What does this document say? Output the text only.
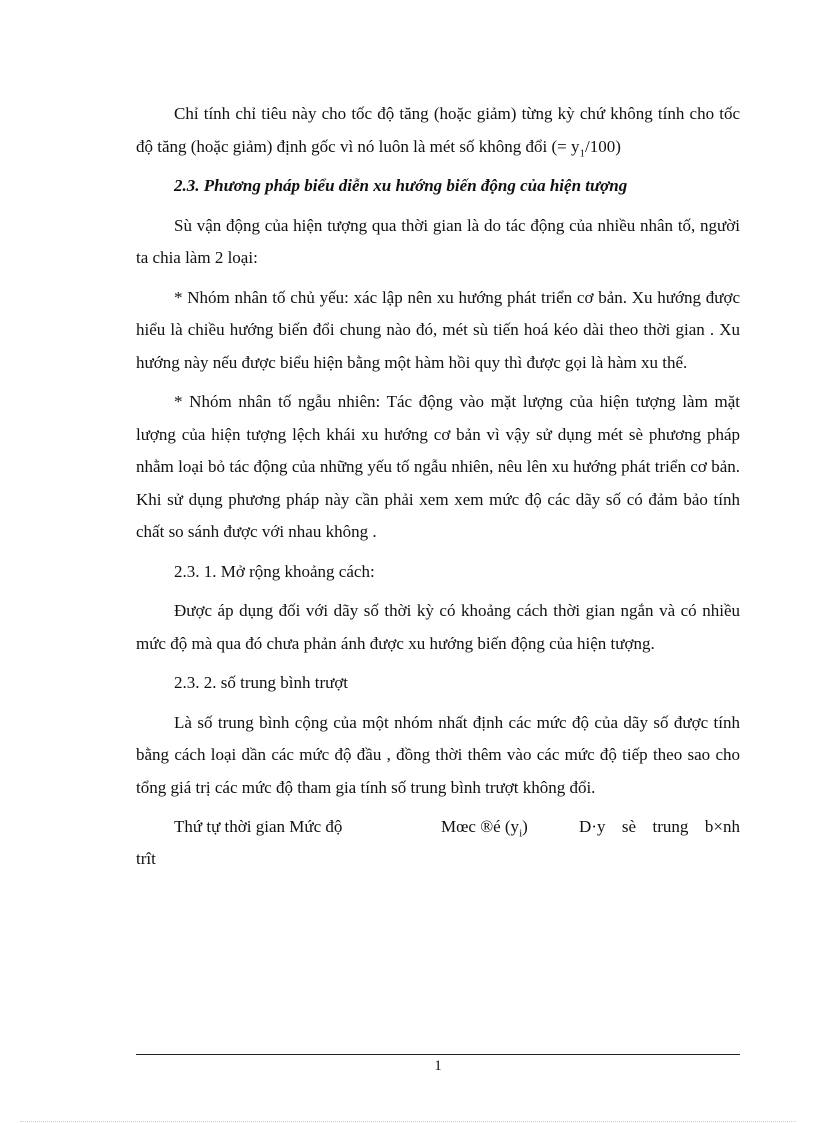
Chỉ tính chỉ tiêu này cho tốc độ tăng (hoặc giảm) từng kỳ chứ không tính cho tốc độ tăng (hoặc giảm) định gốc vì nó luôn là mét số không đổi (= $y_1/100$)

2.3. Phương pháp biểu diễn xu hướng biến động của hiện tượng

Sù vận động của hiện tượng qua thời gian là do tác động của nhiều nhân tố, người ta chia làm 2 loại:

* Nhóm nhân tố chủ yếu: xác lập nên xu hướng phát triển cơ bản. Xu hướng được hiểu là chiều hướng biến đổi chung nào đó, mét sù tiến hoá kéo dài theo thời gian . Xu hướng này nếu được biểu hiện bằng một hàm hồi quy thì được gọi là hàm xu thế.

* Nhóm nhân tố ngẫu nhiên: Tác động vào mặt lượng của hiện tượng làm mặt lượng của hiện tượng lệch khái xu hướng cơ bản vì vậy sử dụng mét sè phương pháp nhằm loại bỏ tác động của những yếu tố ngẫu nhiên, nêu lên xu hướng phát triển cơ bản. Khi sử dụng phương pháp này cần phải xem xem mức độ các dãy số có đảm bảo tính chất so sánh được với nhau không .

2.3. 1. Mở rộng khoảng cách:

Được áp dụng đối với dãy số thời kỳ có khoảng cách thời gian ngắn và có nhiều mức độ mà qua đó chưa phản ánh được xu hướng biến động của hiện tượng.

2.3. 2. số trung bình trượt

Là số trung bình cộng của một nhóm nhất định các mức độ của dãy số được tính bằng cách loại dần các mức độ đầu , đồng thời thêm vào các mức độ tiếp theo sao cho tổng giá trị các mức độ tham gia tính số trung bình trượt không đổi.

Thứ tự thời gian Mức độ	Mœc ®é $(y_i)$	D·y sè trung b×nh
trît
1
